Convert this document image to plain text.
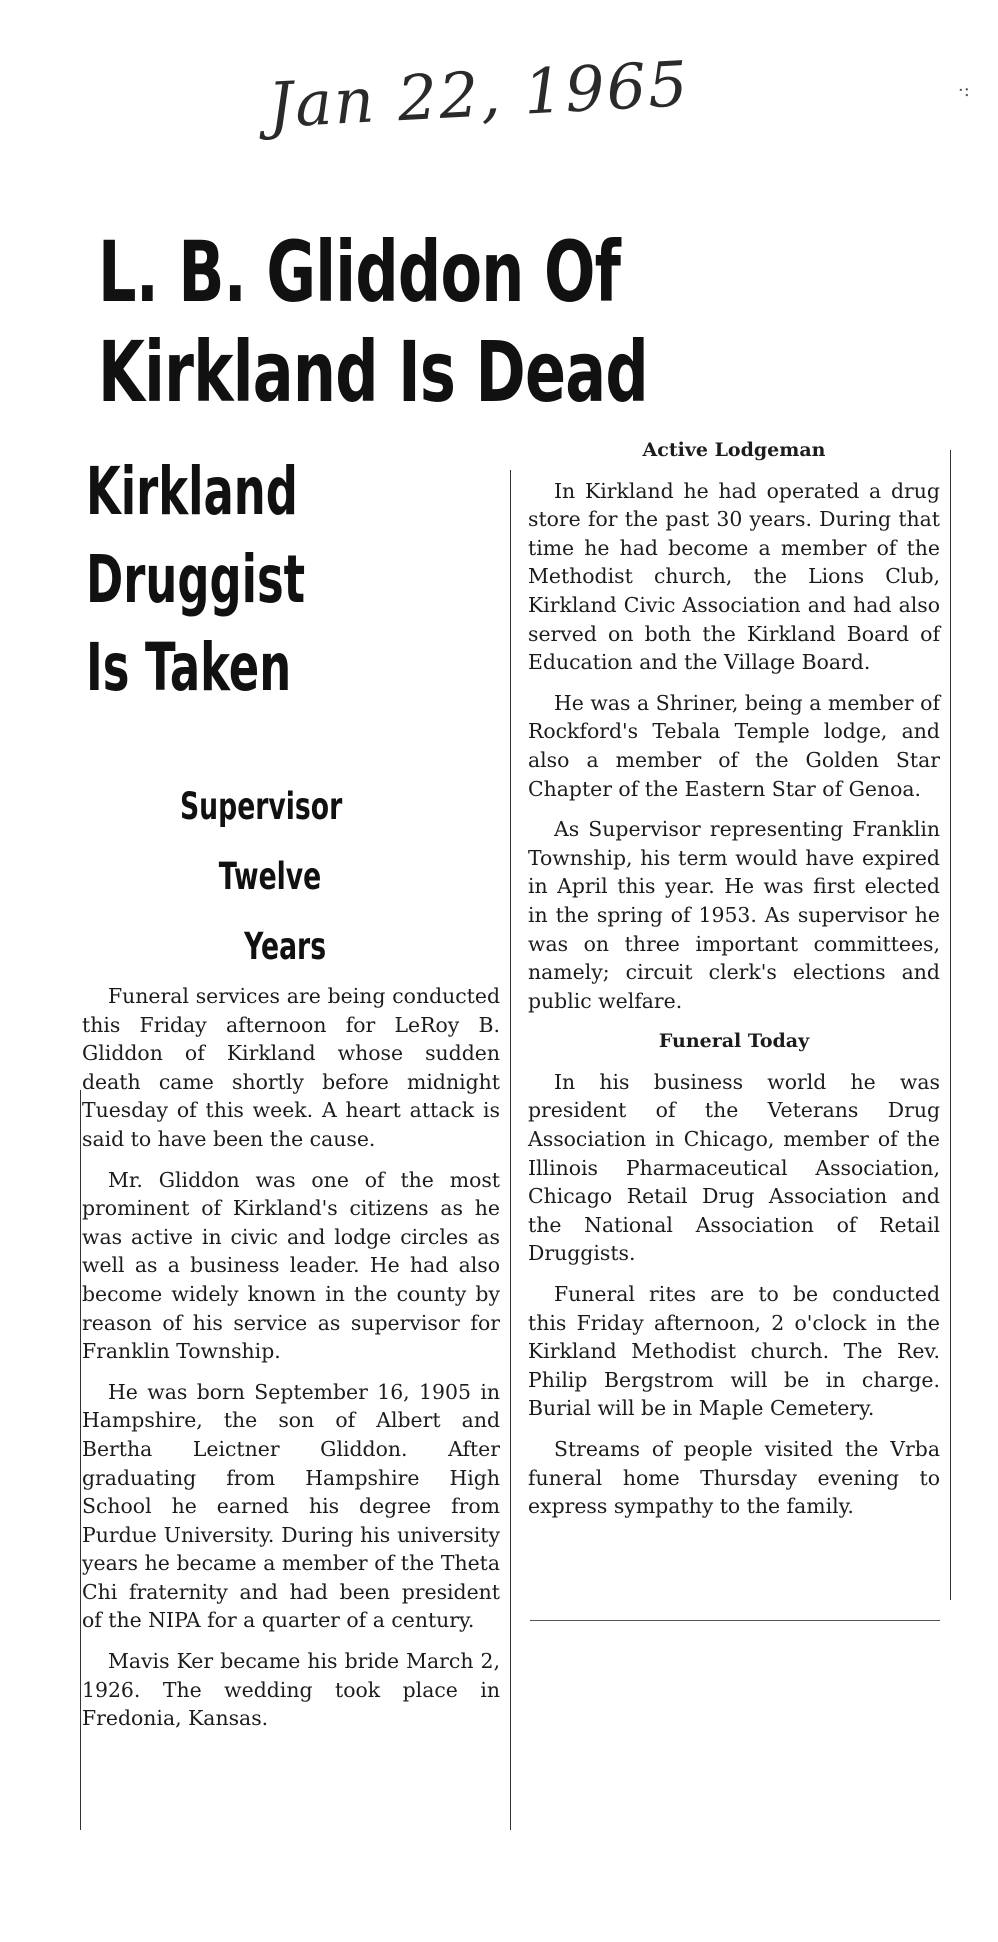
Jan 22, 1965	·:
L. B. Gliddon Of
Kirkland Is Dead
Kirkland
Druggist
Is Taken
Supervisor
Twelve
Years

Funeral services are being conducted this Friday afternoon for LeRoy B. Gliddon of Kirkland whose sudden death came shortly before midnight Tuesday of this week. A heart attack is said to have been the cause.

Mr. Gliddon was one of the most prominent of Kirkland's citizens as he was active in civic and lodge circles as well as a business leader. He had also become widely known in the county by reason of his service as supervisor for Franklin Township.

He was born September 16, 1905 in Hampshire, the son of Albert and Bertha Leictner Gliddon. After graduating from Hampshire High School he earned his degree from Purdue University. During his university years he became a member of the Theta Chi fraternity and had been president of the NIPA for a quarter of a century.

Mavis Ker became his bride March 2, 1926. The wedding took place in Fredonia, Kansas.

Active Lodgeman

In Kirkland he had operated a drug store for the past 30 years. During that time he had become a member of the Methodist church, the Lions Club, Kirkland Civic Association and had also served on both the Kirkland Board of Education and the Village Board.

He was a Shriner, being a member of Rockford's Tebala Temple lodge, and also a member of the Golden Star Chapter of the Eastern Star of Genoa.

As Supervisor representing Franklin Township, his term would have expired in April this year. He was first elected in the spring of 1953. As supervisor he was on three important committees, namely; circuit clerk's elections and public welfare.

Funeral Today

In his business world he was president of the Veterans Drug Association in Chicago, member of the Illinois Pharmaceutical Association, Chicago Retail Drug Association and the National Association of Retail Druggists.

Funeral rites are to be conducted this Friday afternoon, 2 o'clock in the Kirkland Methodist church. The Rev. Philip Bergstrom will be in charge. Burial will be in Maple Cemetery.

Streams of people visited the Vrba funeral home Thursday evening to express sympathy to the family.
